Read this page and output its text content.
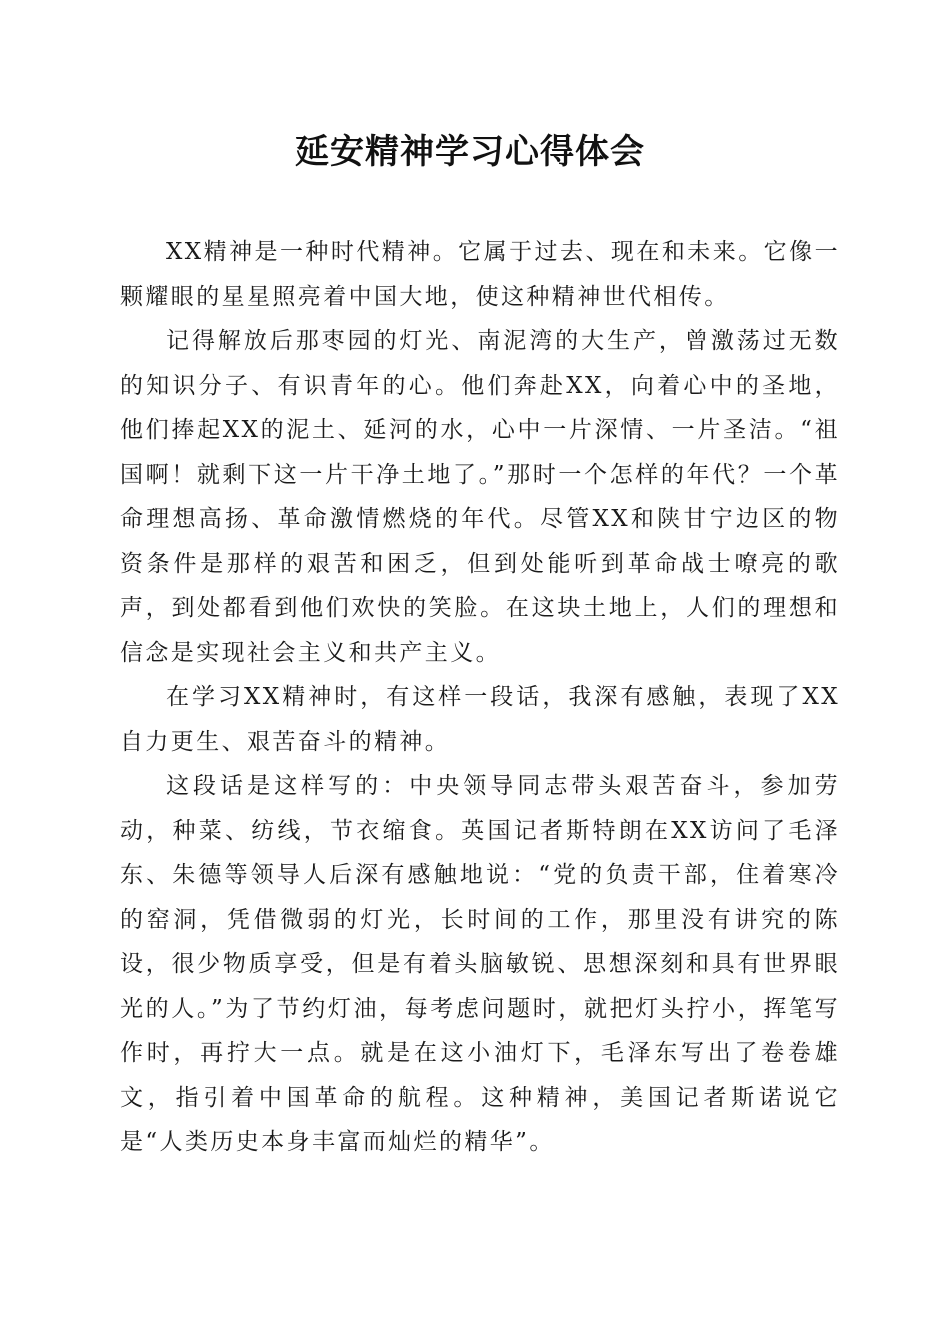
延安精神学习心得体会

XX精神是一种时代精神。它属于过去、现在和未来。它像一颗耀眼的星星照亮着中国大地，使这种精神世代相传。

记得解放后那枣园的灯光、南泥湾的大生产，曾激荡过无数的知识分子、有识青年的心。他们奔赴XX，向着心中的圣地，他们捧起XX的泥土、延河的水，心中一片深情、一片圣洁。“祖国啊！就剩下这一片干净土地了。”那时一个怎样的年代？一个革命理想高扬、革命激情燃烧的年代。尽管XX和陕甘宁边区的物资条件是那样的艰苦和困乏，但到处能听到革命战士嘹亮的歌声，到处都看到他们欢快的笑脸。在这块土地上，人们的理想和信念是实现社会主义和共产主义。

在学习XX精神时，有这样一段话，我深有感触，表现了XX自力更生、艰苦奋斗的精神。

这段话是这样写的：中央领导同志带头艰苦奋斗，参加劳动，种菜、纺线，节衣缩食。英国记者斯特朗在XX访问了毛泽东、朱德等领导人后深有感触地说：“党的负责干部，住着寒冷的窑洞，凭借微弱的灯光，长时间的工作，那里没有讲究的陈设，很少物质享受，但是有着头脑敏锐、思想深刻和具有世界眼光的人。”为了节约灯油，每考虑问题时，就把灯头拧小，挥笔写作时，再拧大一点。就是在这小油灯下，毛泽东写出了卷卷雄文，指引着中国革命的航程。这种精神，美国记者斯诺说它是“人类历史本身丰富而灿烂的精华”。
